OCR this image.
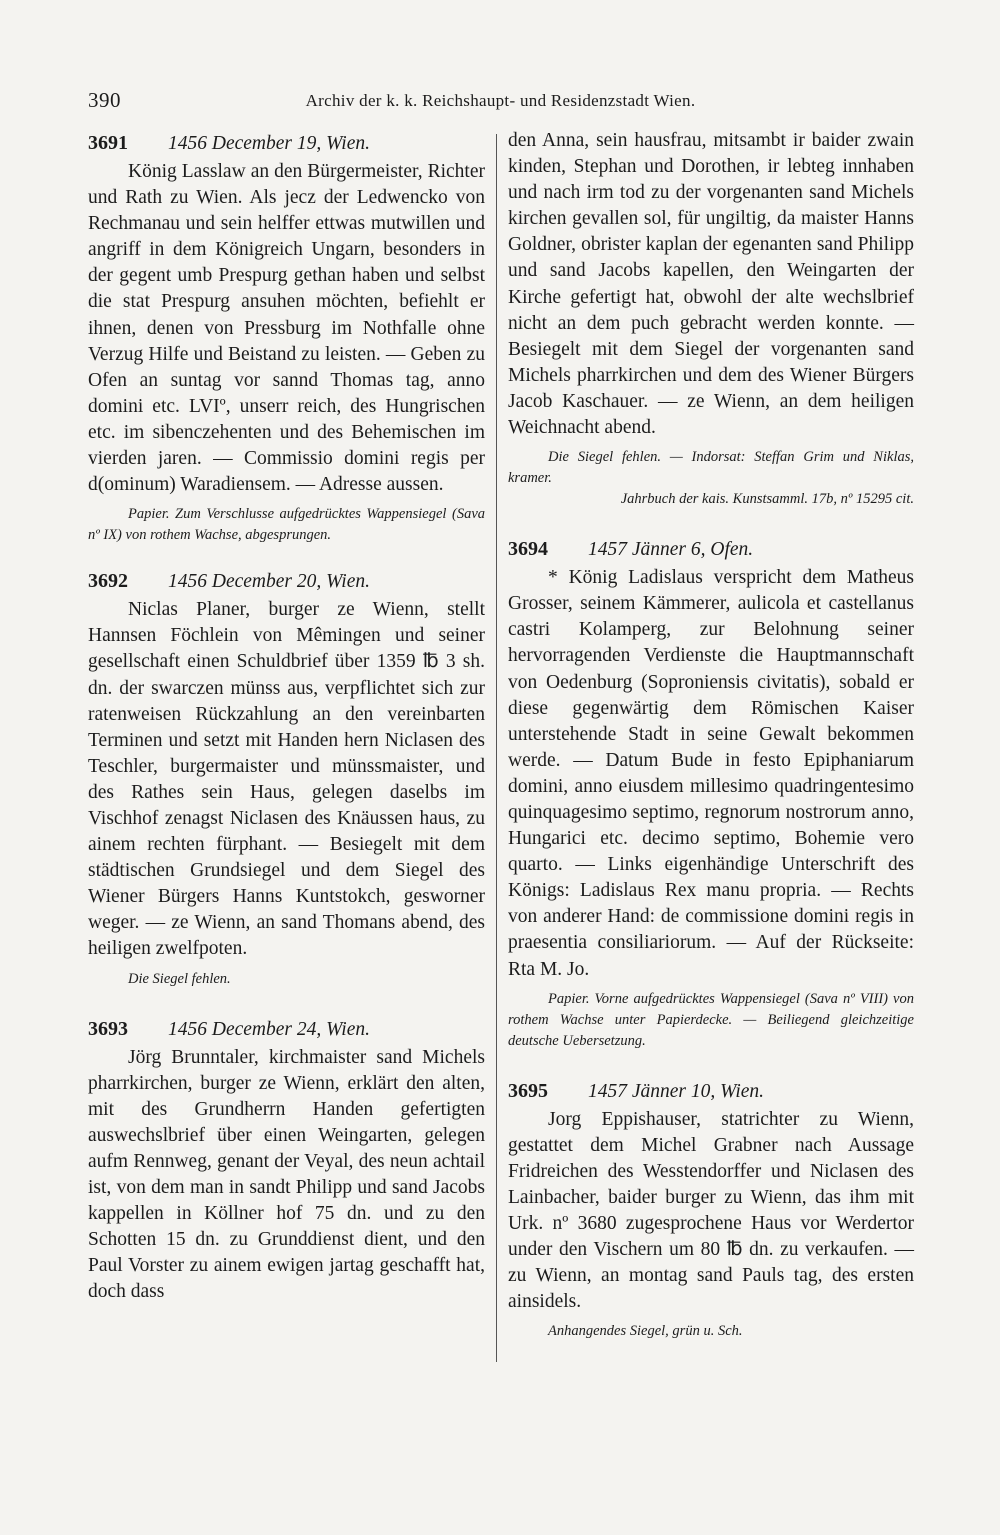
390	Archiv der k. k. Reichshaupt- und Residenzstadt Wien.

3691 1456 December 19, Wien.

König Lasslaw an den Bürgermeister, Richter und Rath zu Wien. Als jecz der Ledwencko von Rechmanau und sein helffer ettwas mutwillen und angriff in dem Königreich Ungarn, besonders in der gegent umb Prespurg gethan haben und selbst die stat Prespurg ansuhen möchten, befiehlt er ihnen, denen von Pressburg im Nothfalle ohne Verzug Hilfe und Beistand zu leisten. — Geben zu Ofen an suntag vor sannd Thomas tag, anno domini etc. LVIº, unserr reich, des Hungrischen etc. im sibenczehenten und des Behemischen im vierden jaren. — Commissio domini regis per d(ominum) Waradiensem. — Adresse aussen.

Papier. Zum Verschlusse aufgedrücktes Wappensiegel (Sava nº IX) von rothem Wachse, abgesprungen.

3692 1456 December 20, Wien.

Niclas Planer, burger ze Wienn, stellt Hannsen Föchlein von Mêmingen und seiner gesellschaft einen Schuldbrief über 1359 ℔ 3 sh. dn. der swarczen münss aus, verpflichtet sich zur ratenweisen Rückzahlung an den vereinbarten Terminen und setzt mit Handen hern Niclasen des Teschler, burgermaister und münssmaister, und des Rathes sein Haus, gelegen daselbs im Vischhof zenagst Niclasen des Knäussen haus, zu ainem rechten fürphant. — Besiegelt mit dem städtischen Grundsiegel und dem Siegel des Wiener Bürgers Hanns Kuntstokch, gesworner weger. — ze Wienn, an sand Thomans abend, des heiligen zwelfpoten.

Die Siegel fehlen.

3693 1456 December 24, Wien.

Jörg Brunntaler, kirchmaister sand Michels pharrkirchen, burger ze Wienn, erklärt den alten, mit des Grundherrn Handen gefertigten auswechslbrief über einen Weingarten, gelegen aufm Rennweg, genant der Veyal, des neun achtail ist, von dem man in sandt Philipp und sand Jacobs kappellen in Köllner hof 75 dn. und zu den Schotten 15 dn. zu Grunddienst dient, und den Paul Vorster zu ainem ewigen jartag geschafft hat, doch dass

den Anna, sein hausfrau, mitsambt ir baider zwain kinden, Stephan und Dorothen, ir lebteg innhaben und nach irm tod zu der vorgenanten sand Michels kirchen gevallen sol, für ungiltig, da maister Hanns Goldner, obrister kaplan der egenanten sand Philipp und sand Jacobs kapellen, den Weingarten der Kirche gefertigt hat, obwohl der alte wechslbrief nicht an dem puch gebracht werden konnte. — Besiegelt mit dem Siegel der vorgenanten sand Michels pharrkirchen und dem des Wiener Bürgers Jacob Kaschauer. — ze Wienn, an dem heiligen Weichnacht abend.

Die Siegel fehlen. — Indorsat: Steffan Grim und Niklas, kramer.

Jahrbuch der kais. Kunstsamml. 17b, nº 15295 cit.

3694 1457 Jänner 6, Ofen.

* König Ladislaus verspricht dem Matheus Grosser, seinem Kämmerer, aulicola et castellanus castri Kolamperg, zur Belohnung seiner hervorragenden Verdienste die Hauptmannschaft von Oedenburg (Soproniensis civitatis), sobald er diese gegenwärtig dem Römischen Kaiser unterstehende Stadt in seine Gewalt bekommen werde. — Datum Bude in festo Epiphaniarum domini, anno eiusdem millesimo quadringentesimo quinquagesimo septimo, regnorum nostrorum anno, Hungarici etc. decimo septimo, Bohemie vero quarto. — Links eigenhändige Unterschrift des Königs: Ladislaus Rex manu propria. — Rechts von anderer Hand: de commissione domini regis in praesentia consiliariorum. — Auf der Rückseite: Rta M. Jo.

Papier. Vorne aufgedrücktes Wappensiegel (Sava nº VIII) von rothem Wachse unter Papierdecke. — Beiliegend gleichzeitige deutsche Uebersetzung.

3695 1457 Jänner 10, Wien.

Jorg Eppishauser, statrichter zu Wienn, gestattet dem Michel Grabner nach Aussage Fridreichen des Wesstendorffer und Niclasen des Lainbacher, baider burger zu Wienn, das ihm mit Urk. nº 3680 zugesprochene Haus vor Werdertor under den Vischern um 80 ℔ dn. zu verkaufen. — zu Wienn, an montag sand Pauls tag, des ersten ainsidels.

Anhangendes Siegel, grün u. Sch.
